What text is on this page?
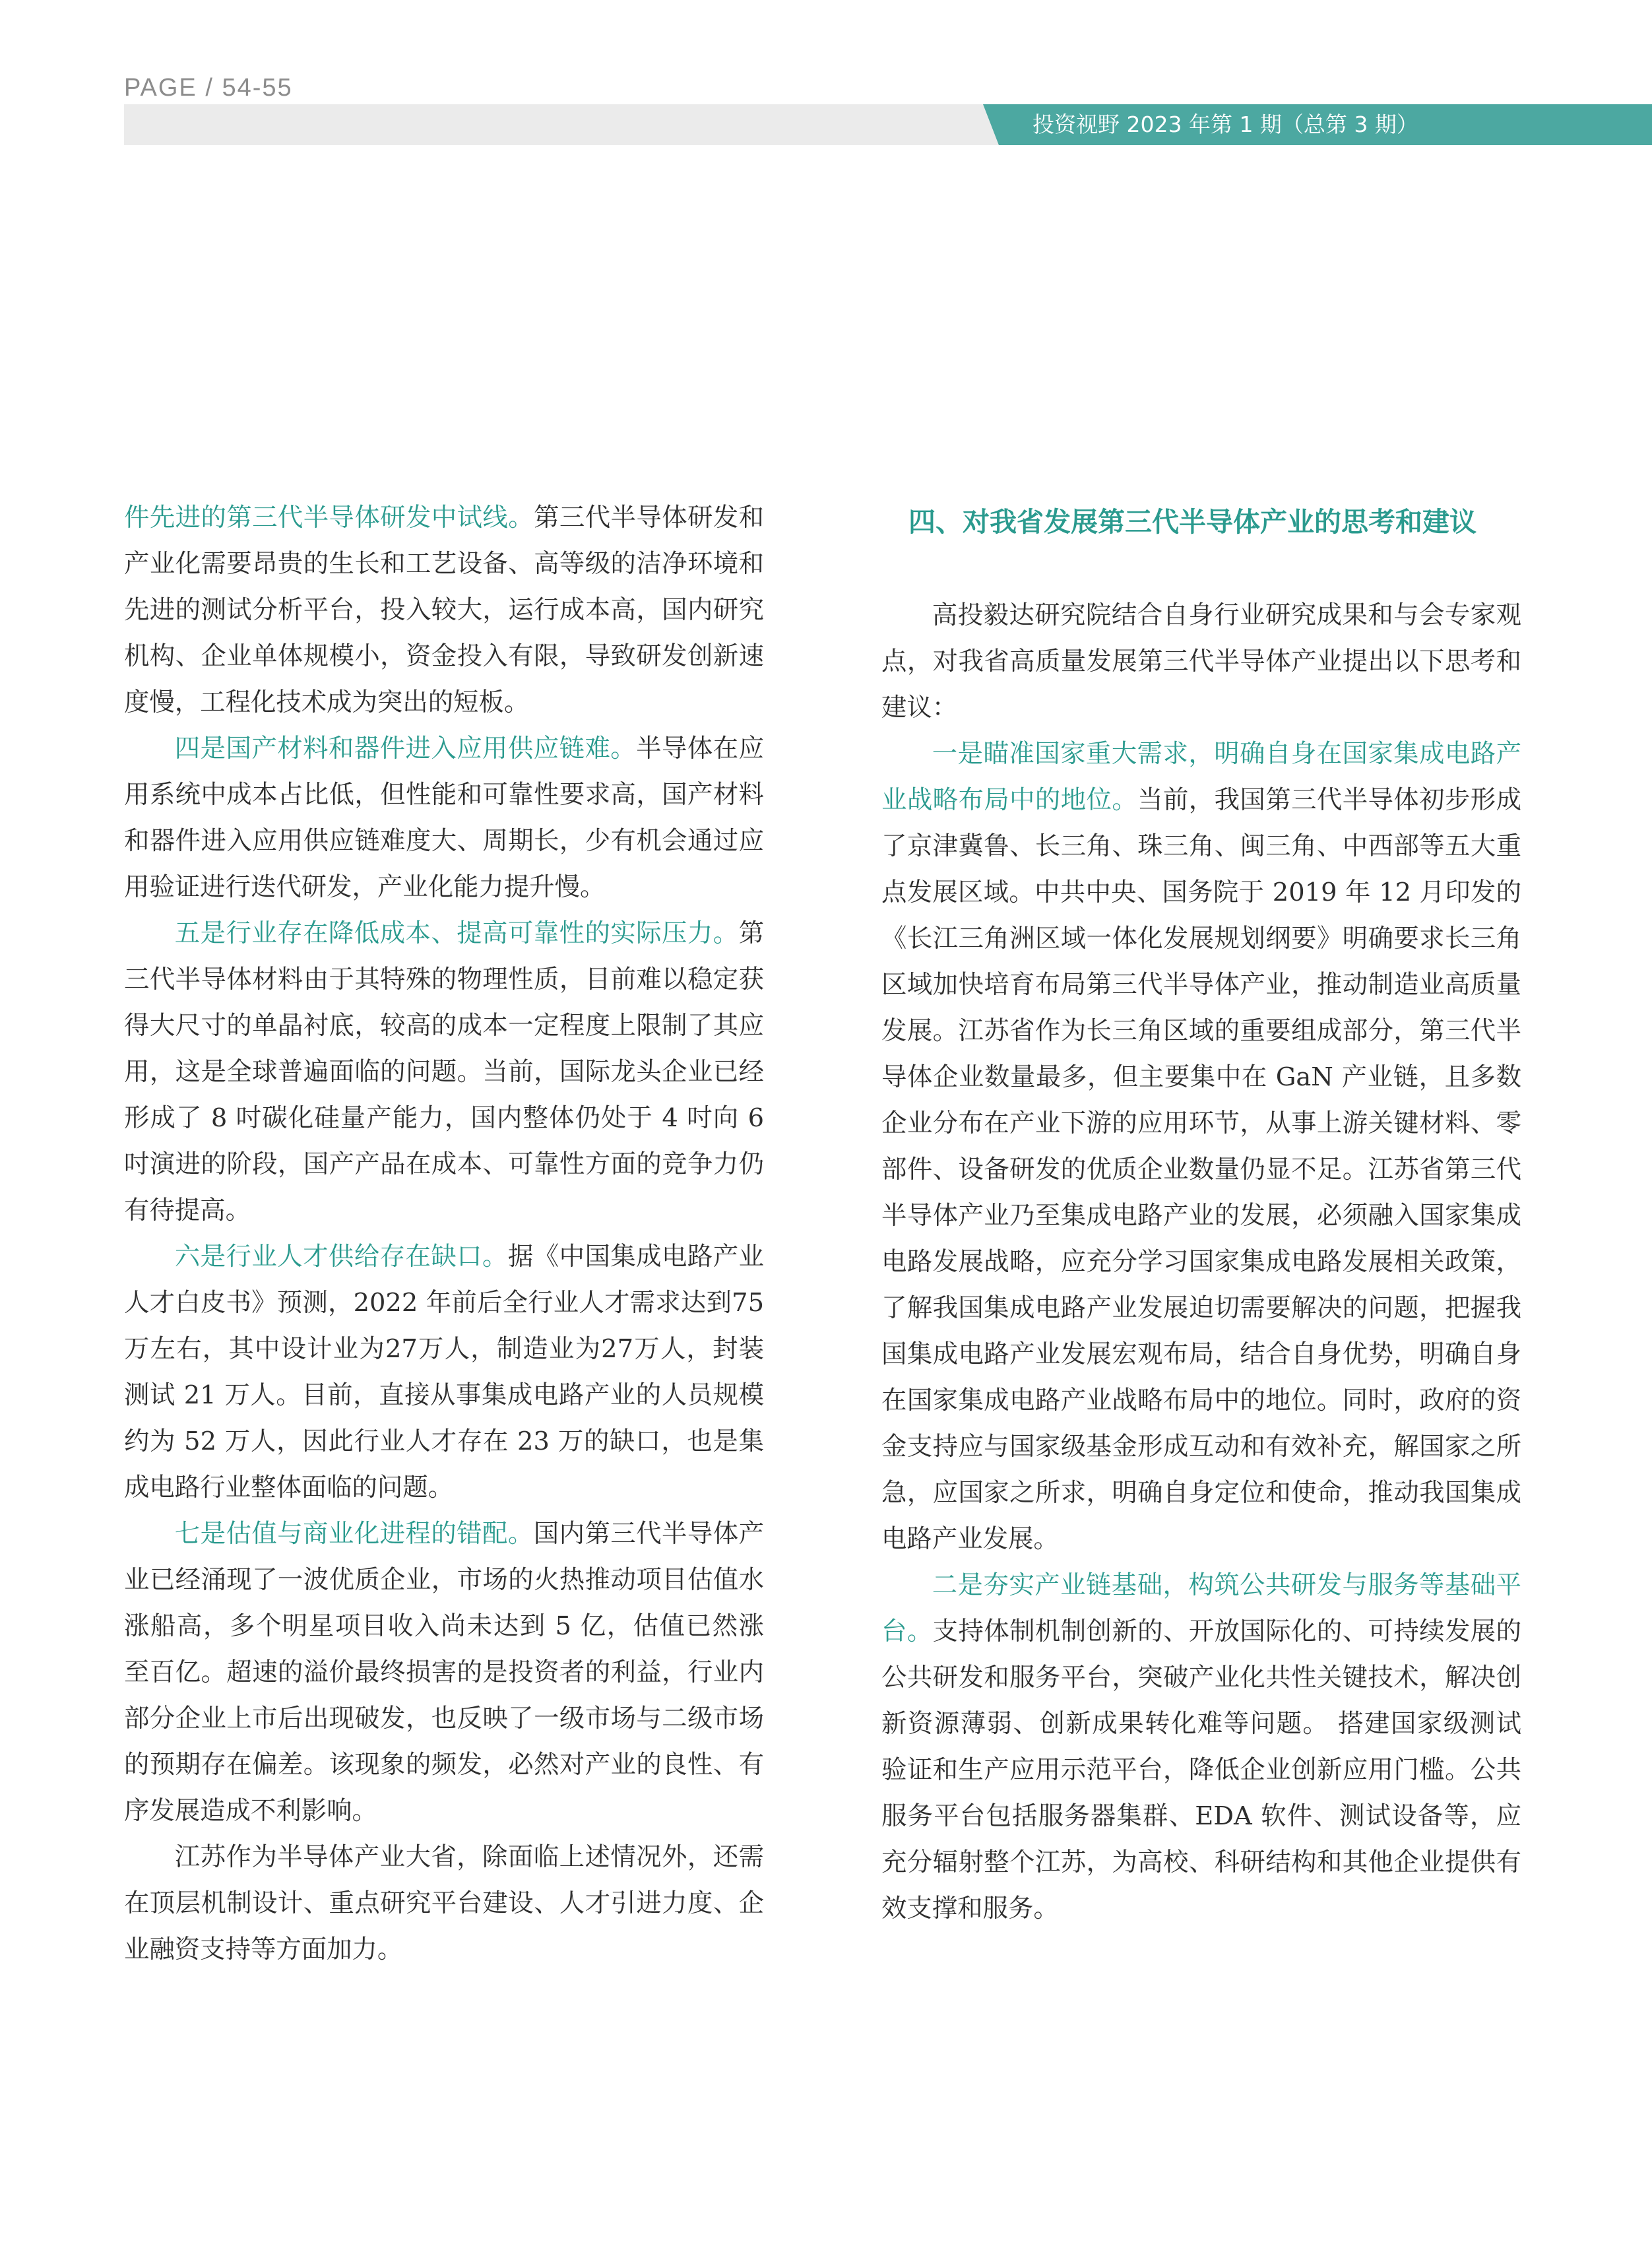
PAGE / 54-55
投资视野 2023 年第 1 期（总第 3 期）

件先进的第三代半导体研发中试线。第三代半导体研发和产业化需要昂贵的生长和工艺设备、高等级的洁净环境和先进的测试分析平台，投入较大，运行成本高，国内研究机构、企业单体规模小，资金投入有限，导致研发创新速度慢，工程化技术成为突出的短板。

四是国产材料和器件进入应用供应链难。半导体在应用系统中成本占比低，但性能和可靠性要求高，国产材料和器件进入应用供应链难度大、周期长，少有机会通过应用验证进行迭代研发，产业化能力提升慢。

五是行业存在降低成本、提高可靠性的实际压力。第三代半导体材料由于其特殊的物理性质，目前难以稳定获得大尺寸的单晶衬底，较高的成本一定程度上限制了其应用，这是全球普遍面临的问题。当前，国际龙头企业已经形成了 8 吋碳化硅量产能力，国内整体仍处于 4 吋向 6 吋演进的阶段，国产产品在成本、可靠性方面的竞争力仍有待提高。

六是行业人才供给存在缺口。据《中国集成电路产业人才白皮书》预测，2022 年前后全行业人才需求达到75万左右，其中设计业为27万人，制造业为27万人，封装测试 21 万人。目前，直接从事集成电路产业的人员规模约为 52 万人，因此行业人才存在 23 万的缺口，也是集成电路行业整体面临的问题。

七是估值与商业化进程的错配。国内第三代半导体产业已经涌现了一波优质企业，市场的火热推动项目估值水涨船高，多个明星项目收入尚未达到 5 亿，估值已然涨至百亿。超速的溢价最终损害的是投资者的利益，行业内部分企业上市后出现破发，也反映了一级市场与二级市场的预期存在偏差。该现象的频发，必然对产业的良性、有序发展造成不利影响。

江苏作为半导体产业大省，除面临上述情况外，还需在顶层机制设计、重点研究平台建设、人才引进力度、企业融资支持等方面加力。

四、对我省发展第三代半导体产业的思考和建议

高投毅达研究院结合自身行业研究成果和与会专家观点，对我省高质量发展第三代半导体产业提出以下思考和建议：

一是瞄准国家重大需求，明确自身在国家集成电路产业战略布局中的地位。当前，我国第三代半导体初步形成了京津冀鲁、长三角、珠三角、闽三角、中西部等五大重点发展区域。中共中央、国务院于 2019 年 12 月印发的《长江三角洲区域一体化发展规划纲要》明确要求长三角区域加快培育布局第三代半导体产业，推动制造业高质量发展。江苏省作为长三角区域的重要组成部分，第三代半导体企业数量最多，但主要集中在 GaN 产业链，且多数企业分布在产业下游的应用环节，从事上游关键材料、零部件、设备研发的优质企业数量仍显不足。江苏省第三代半导体产业乃至集成电路产业的发展，必须融入国家集成电路发展战略，应充分学习国家集成电路发展相关政策，了解我国集成电路产业发展迫切需要解决的问题，把握我国集成电路产业发展宏观布局，结合自身优势，明确自身在国家集成电路产业战略布局中的地位。同时，政府的资金支持应与国家级基金形成互动和有效补充，解国家之所急，应国家之所求，明确自身定位和使命，推动我国集成电路产业发展。

二是夯实产业链基础，构筑公共研发与服务等基础平台。支持体制机制创新的、开放国际化的、可持续发展的公共研发和服务平台，突破产业化共性关键技术，解决创新资源薄弱、创新成果转化难等问题。 搭建国家级测试验证和生产应用示范平台，降低企业创新应用门槛。公共服务平台包括服务器集群、EDA 软件、测试设备等，应充分辐射整个江苏，为高校、科研结构和其他企业提供有效支撑和服务。
